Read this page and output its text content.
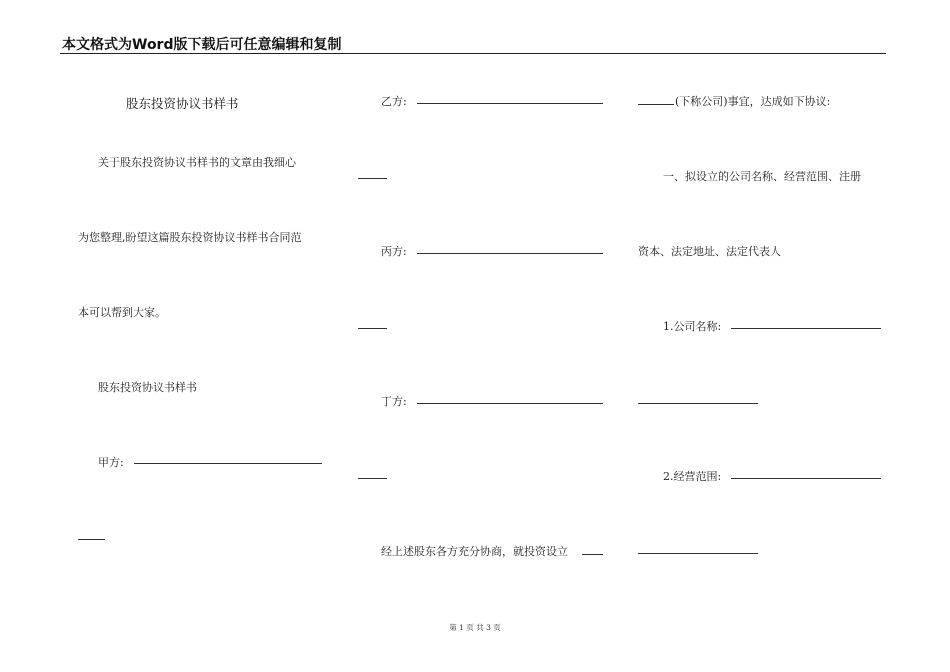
本文格式为Word版下载后可任意编辑和复制
股东投资协议书样书
关于股东投资协议书样书的文章由我细心
为您整理,盼望这篇股东投资协议书样书合同范
本可以帮到大家。
股东投资协议书样书
甲方:
乙方:
丙方:
丁方:
经上述股东各方充分协商，就投资设立
(下称公司)事宜，达成如下协议:
一、拟设立的公司名称、经营范围、注册
资本、法定地址、法定代表人
1.公司名称:
2.经营范围:
第 1 页 共 3 页
